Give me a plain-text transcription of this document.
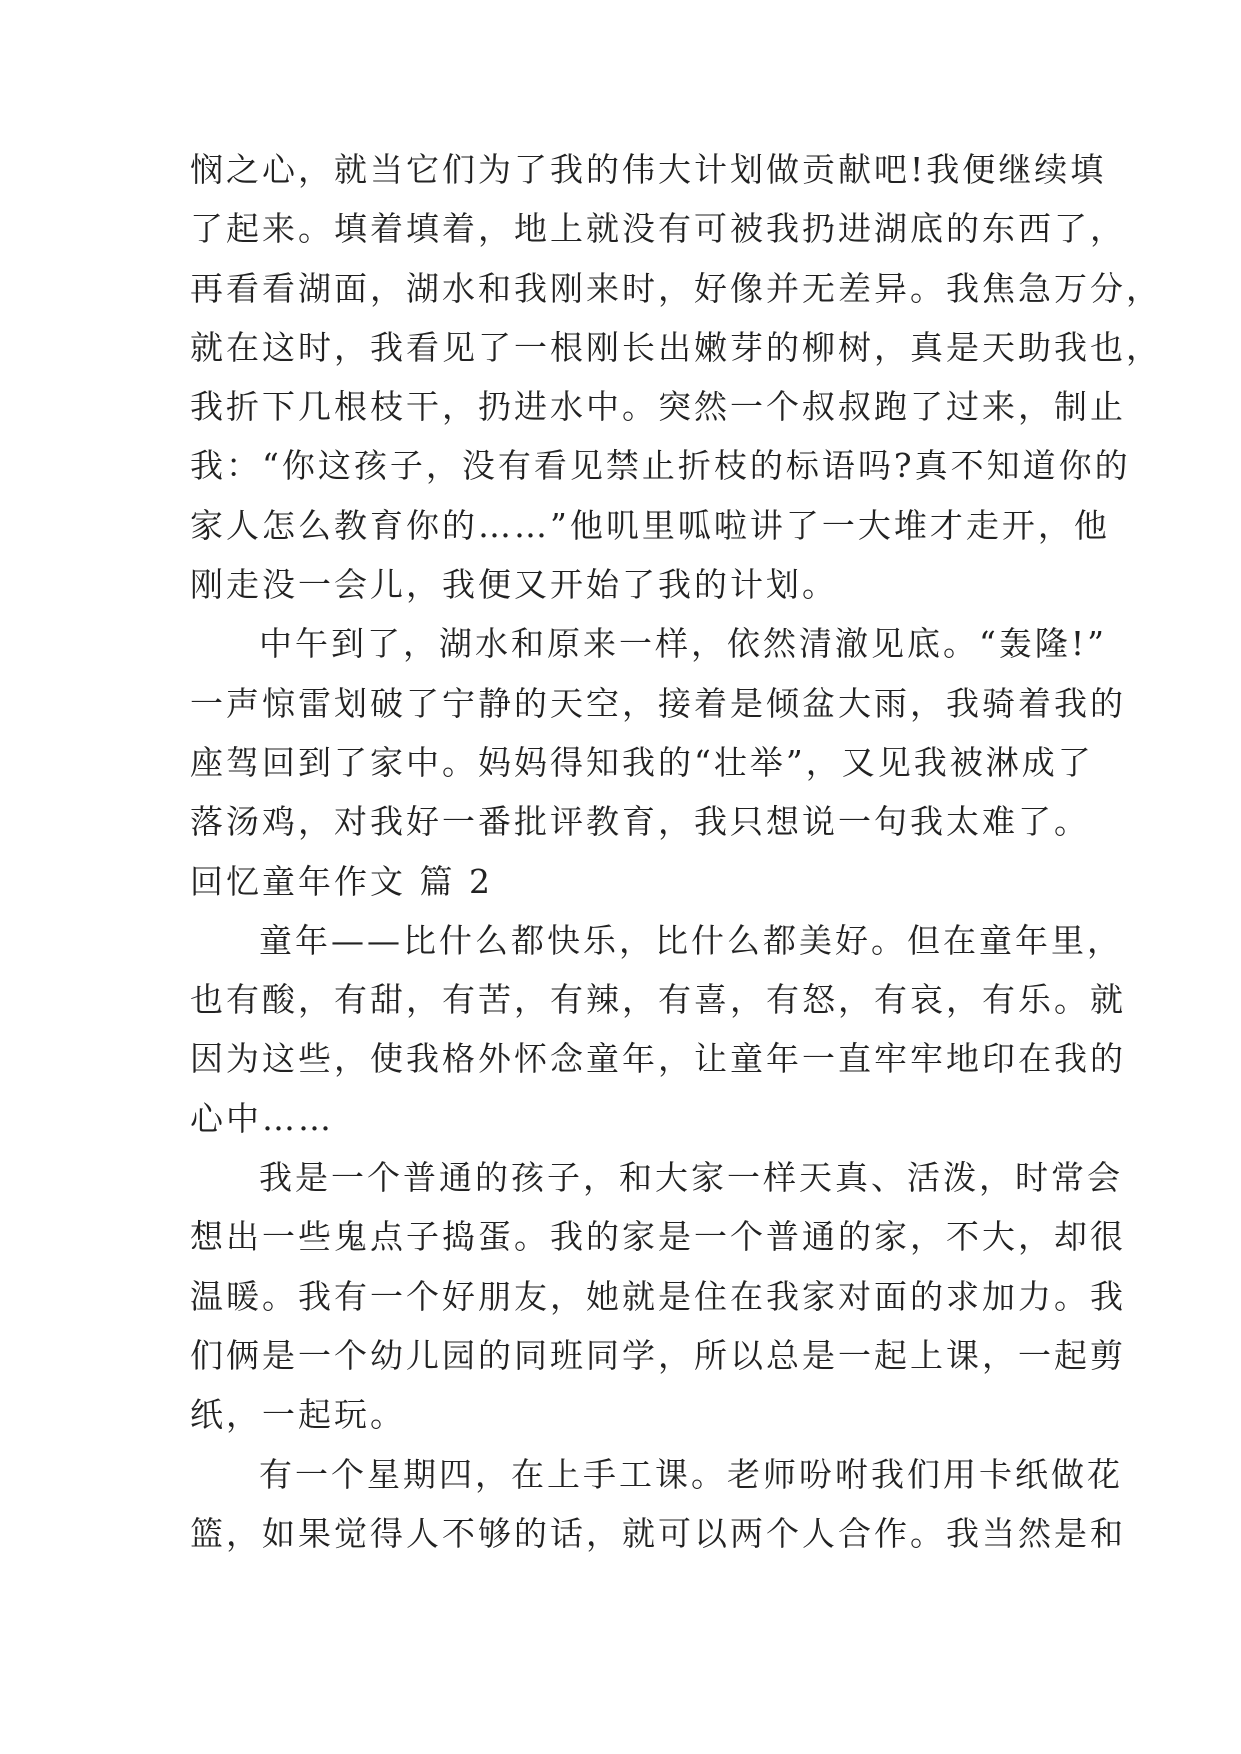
悯之心，就当它们为了我的伟大计划做贡献吧!我便继续填
了起来。填着填着，地上就没有可被我扔进湖底的东西了，
再看看湖面，湖水和我刚来时，好像并无差异。我焦急万分，
就在这时，我看见了一根刚长出嫩芽的柳树，真是天助我也，
我折下几根枝干，扔进水中。突然一个叔叔跑了过来，制止
我：“你这孩子，没有看见禁止折枝的标语吗?真不知道你的
家人怎么教育你的……”他叽里呱啦讲了一大堆才走开，他
刚走没一会儿，我便又开始了我的计划。
中午到了，湖水和原来一样，依然清澈见底。“轰隆!”
一声惊雷划破了宁静的天空，接着是倾盆大雨，我骑着我的
座驾回到了家中。妈妈得知我的“壮举”，又见我被淋成了
落汤鸡，对我好一番批评教育，我只想说一句我太难了。
回忆童年作文 篇 2
童年——比什么都快乐，比什么都美好。但在童年里，
也有酸，有甜，有苦，有辣，有喜，有怒，有哀，有乐。就
因为这些，使我格外怀念童年，让童年一直牢牢地印在我的
心中……
我是一个普通的孩子，和大家一样天真、活泼，时常会
想出一些鬼点子捣蛋。我的家是一个普通的家，不大，却很
温暖。我有一个好朋友，她就是住在我家对面的求加力。我
们俩是一个幼儿园的同班同学，所以总是一起上课，一起剪
纸，一起玩。
有一个星期四，在上手工课。老师吩咐我们用卡纸做花
篮，如果觉得人不够的话，就可以两个人合作。我当然是和
